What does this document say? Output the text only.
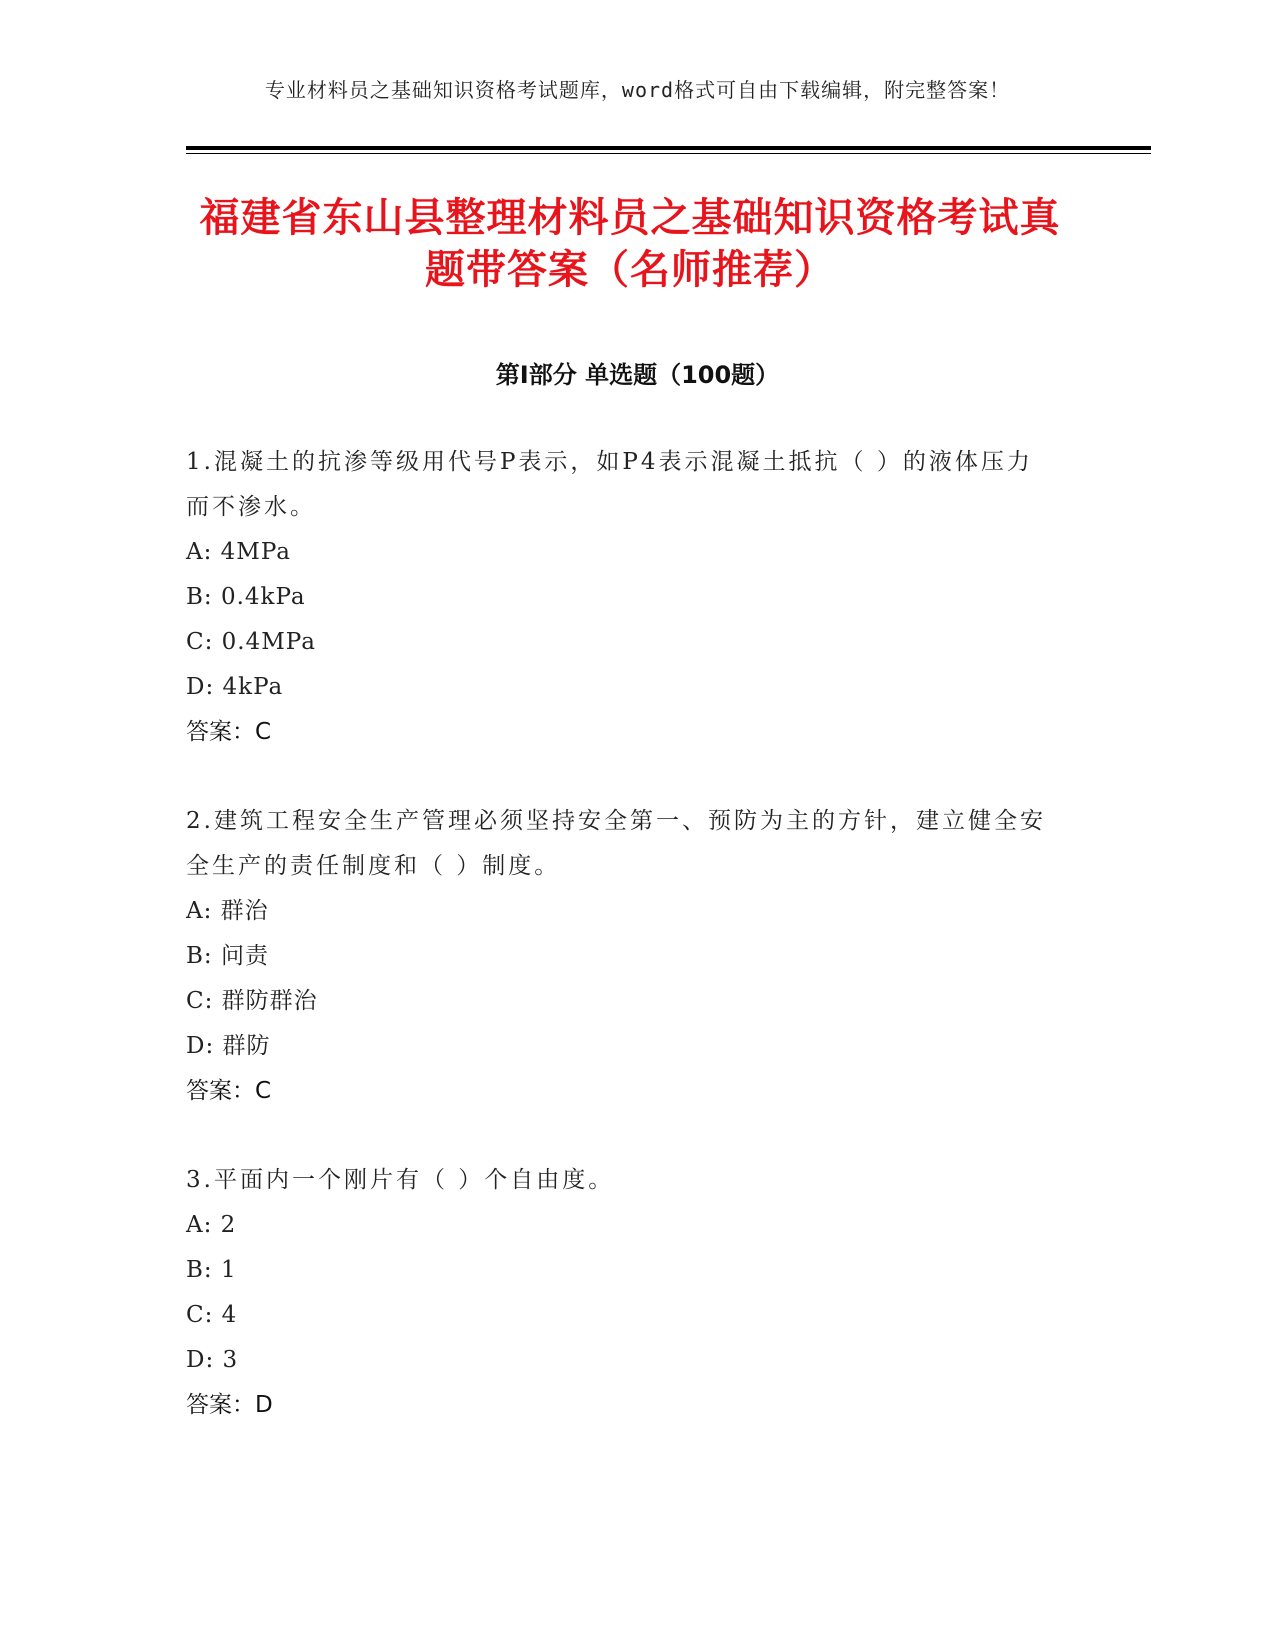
专业材料员之基础知识资格考试题库，word格式可自由下载编辑，附完整答案！
福建省东山县整理材料员之基础知识资格考试真题带答案（名师推荐）
第Ⅰ部分 单选题（100题）
1.混凝土的抗渗等级用代号P表示，如P4表示混凝土抵抗（ ）的液体压力而不渗水。
A: 4MPa
B: 0.4kPa
C: 0.4MPa
D: 4kPa
答案：C
2.建筑工程安全生产管理必须坚持安全第一、预防为主的方针，建立健全安全生产的责任制度和（ ）制度。
A: 群治
B: 问责
C: 群防群治
D: 群防
答案：C
3.平面内一个刚片有（ ）个自由度。
A: 2
B: 1
C: 4
D: 3
答案：D
